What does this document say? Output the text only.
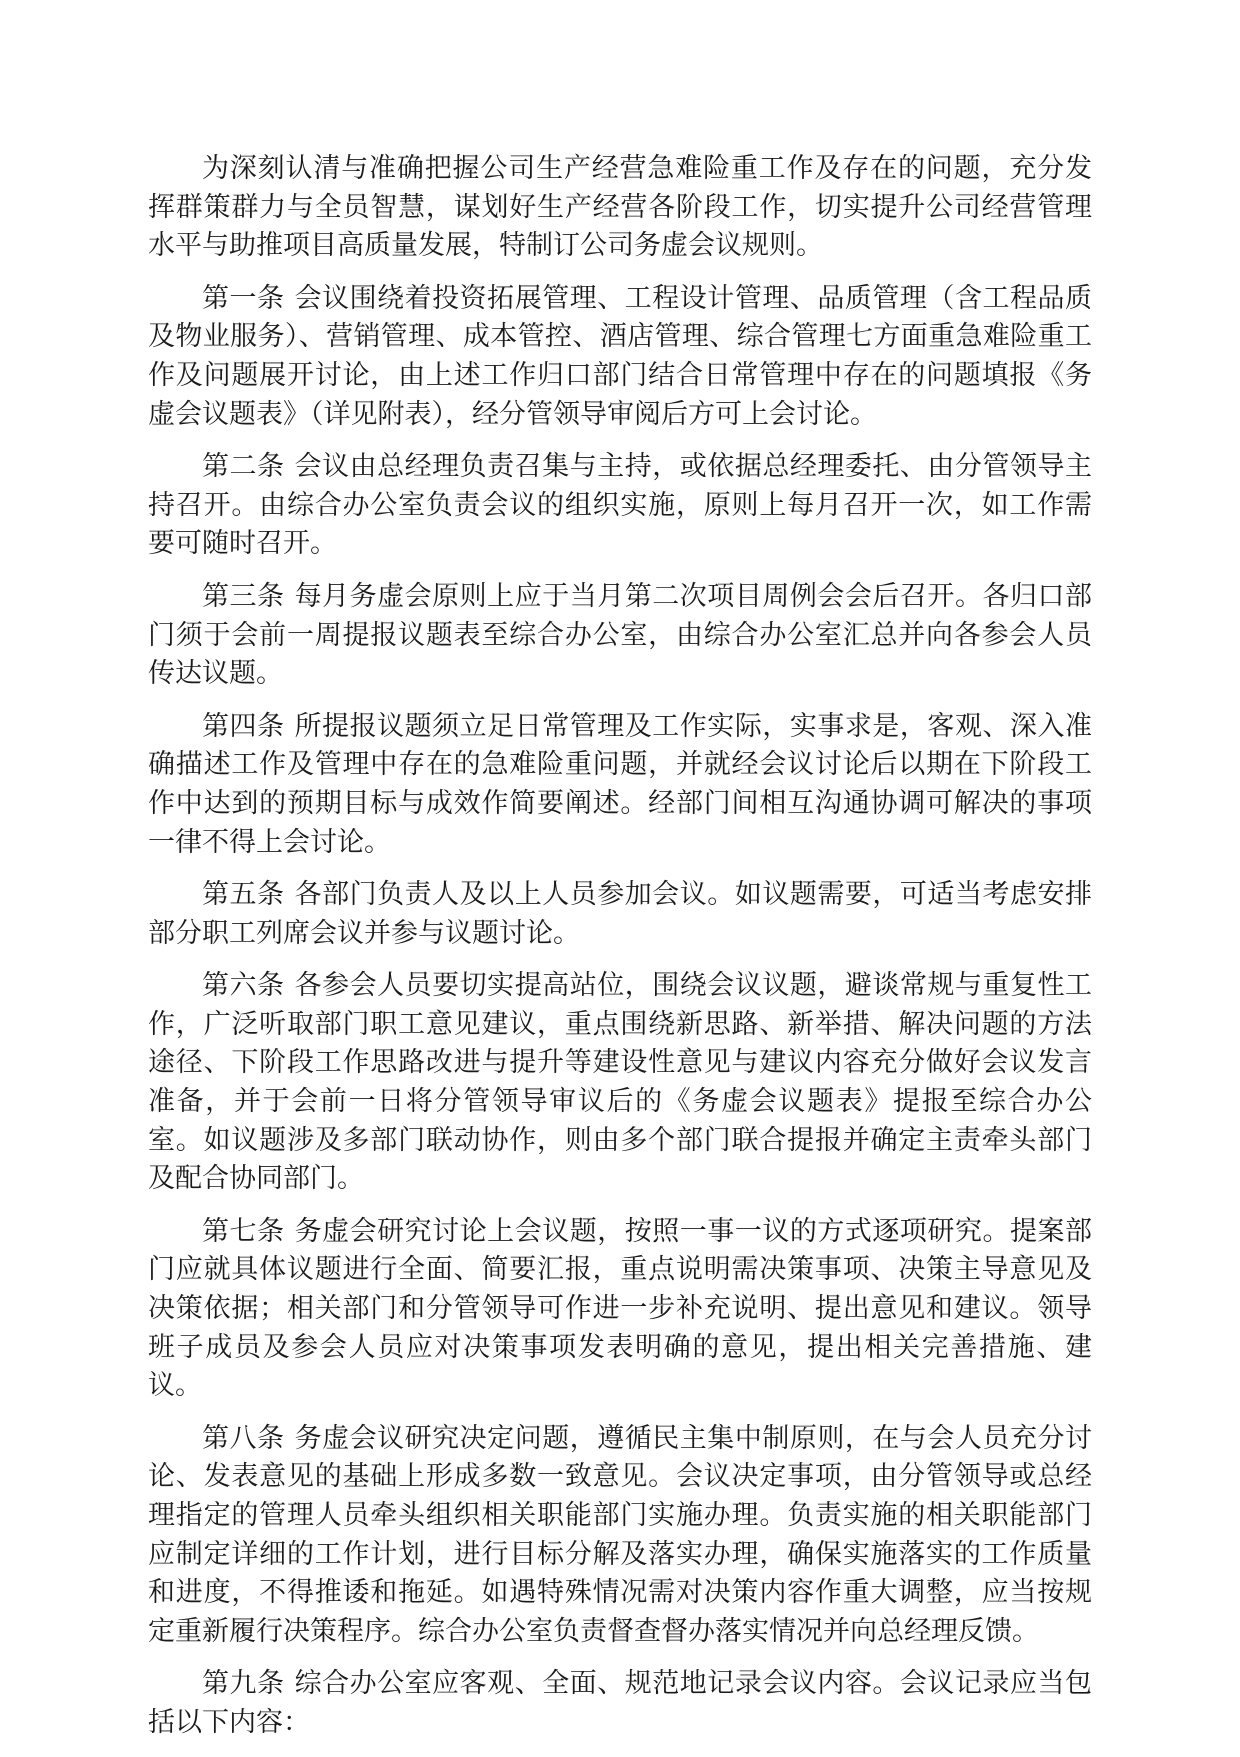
为深刻认清与准确把握公司生产经营急难险重工作及存在的问题，充分发挥群策群力与全员智慧，谋划好生产经营各阶段工作，切实提升公司经营管理水平与助推项目高质量发展，特制订公司务虚会议规则。

第一条 会议围绕着投资拓展管理、工程设计管理、品质管理（含工程品质及物业服务）、营销管理、成本管控、酒店管理、综合管理七方面重急难险重工作及问题展开讨论，由上述工作归口部门结合日常管理中存在的问题填报《务虚会议题表》（详见附表），经分管领导审阅后方可上会讨论。

第二条 会议由总经理负责召集与主持，或依据总经理委托、由分管领导主持召开。由综合办公室负责会议的组织实施，原则上每月召开一次，如工作需要可随时召开。

第三条 每月务虚会原则上应于当月第二次项目周例会会后召开。各归口部门须于会前一周提报议题表至综合办公室，由综合办公室汇总并向各参会人员传达议题。

第四条 所提报议题须立足日常管理及工作实际，实事求是，客观、深入准确描述工作及管理中存在的急难险重问题，并就经会议讨论后以期在下阶段工作中达到的预期目标与成效作简要阐述。经部门间相互沟通协调可解决的事项一律不得上会讨论。

第五条 各部门负责人及以上人员参加会议。如议题需要，可适当考虑安排部分职工列席会议并参与议题讨论。

第六条 各参会人员要切实提高站位，围绕会议议题，避谈常规与重复性工作，广泛听取部门职工意见建议，重点围绕新思路、新举措、解决问题的方法途径、下阶段工作思路改进与提升等建设性意见与建议内容充分做好会议发言准备，并于会前一日将分管领导审议后的《务虚会议题表》提报至综合办公室。如议题涉及多部门联动协作，则由多个部门联合提报并确定主责牵头部门及配合协同部门。

第七条 务虚会研究讨论上会议题，按照一事一议的方式逐项研究。提案部门应就具体议题进行全面、简要汇报，重点说明需决策事项、决策主导意见及决策依据；相关部门和分管领导可作进一步补充说明、提出意见和建议。领导班子成员及参会人员应对决策事项发表明确的意见，提出相关完善措施、建议。

第八条 务虚会议研究决定问题，遵循民主集中制原则，在与会人员充分讨论、发表意见的基础上形成多数一致意见。会议决定事项，由分管领导或总经理指定的管理人员牵头组织相关职能部门实施办理。负责实施的相关职能部门应制定详细的工作计划，进行目标分解及落实办理，确保实施落实的工作质量和进度，不得推诿和拖延。如遇特殊情况需对决策内容作重大调整，应当按规定重新履行决策程序。综合办公室负责督查督办落实情况并向总经理反馈。

第九条 综合办公室应客观、全面、规范地记录会议内容。会议记录应当包括以下内容：
